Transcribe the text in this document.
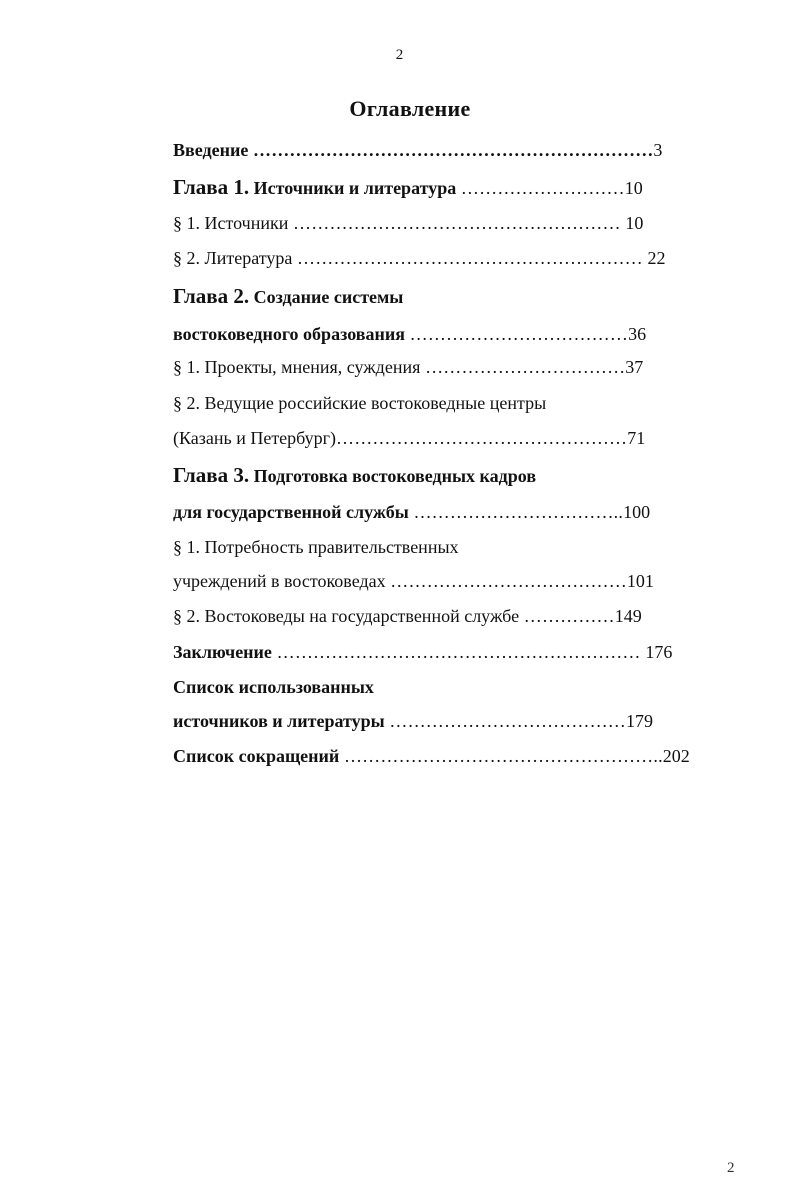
2
Оглавление
Введение …………………………………………………………3
Глава 1. Источники и литература ………………………10
§ 1. Источники ……………………………………………… 10
§ 2. Литература ………………………………………………… 22
Глава 2. Создание системы
востоковедного образования ………………………………36
§ 1. Проекты, мнения, суждения ……………………………37
§ 2. Ведущие российские востоковедные центры
(Казань и Петербург)…………………………………………71
Глава 3. Подготовка востоковедных кадров
для государственной службы ……………………………..100
§ 1. Потребность правительственных
учреждений в востоковедах …………………………………101
§ 2. Востоковеды на государственной службе ……………149
Заключение …………………………………………………… 176
Список использованных
источников и литературы …………………………………179
Список сокращений ……………………………………………..202
2
